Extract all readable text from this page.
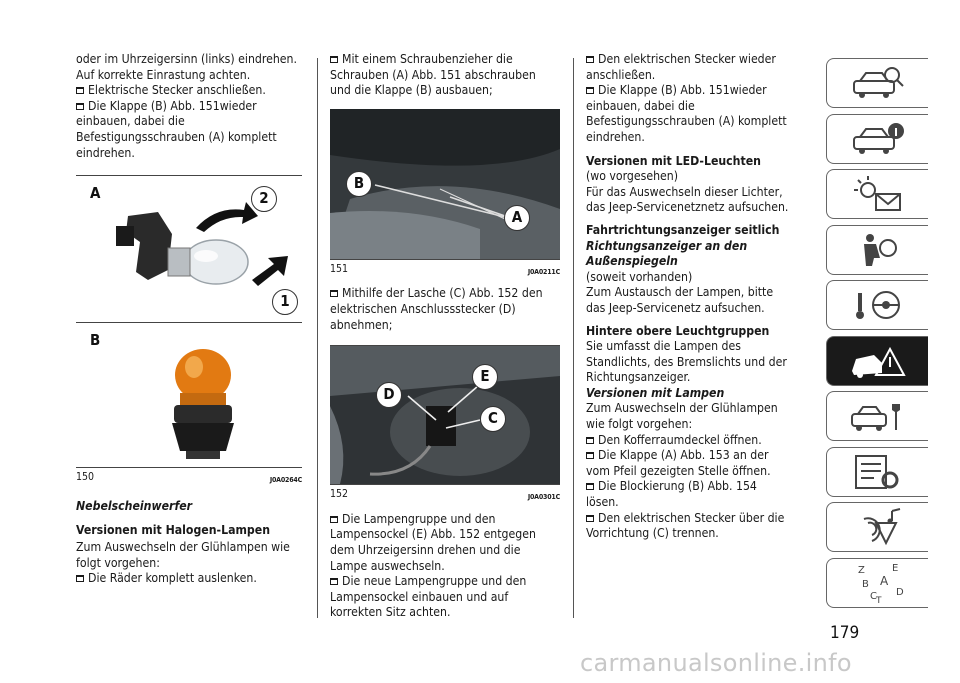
oder im Uhrzeigersinn (links) eindrehen. Auf korrekte Einrastung achten.

Elektrische Stecker anschließen.

Die Klappe (B) Abb. 151wieder einbauen, dabei die Befestigungsschrauben (A) komplett eindrehen.

A	2
1
B
150	J0A0264C

Nebelscheinwerfer

Versionen mit Halogen-Lampen

Zum Auswechseln der Glühlampen wie folgt vorgehen:

Die Räder komplett auslenken.

Mit einem Schraubenzieher die Schrauben (A) Abb. 151 abschrauben und die Klappe (B) ausbauen;

B
A
151	J0A0211C

Mithilfe der Lasche (C) Abb. 152 den elektrischen Anschlussstecker (D) abnehmen;

D
E
C
152	J0A0301C

Die Lampengruppe und den Lampensockel (E) Abb. 152 entgegen dem Uhrzeigersinn drehen und die Lampe auswechseln.

Die neue Lampengruppe und den Lampensockel einbauen und auf korrekten Sitz achten.

Den elektrischen Stecker wieder anschließen.

Die Klappe (B) Abb. 151wieder einbauen, dabei die Befestigungsschrauben (A) komplett eindrehen.

Versionen mit LED-Leuchten

(wo vorgesehen)

Für das Auswechseln dieser Lichter, das Jeep-Servicenetznetz aufsuchen.

Fahrtrichtungsanzeiger seitlich

Richtungsanzeiger an den Außenspiegeln

(soweit vorhanden)

Zum Austausch der Lampen, bitte das Jeep-Servicenetz aufsuchen.

Hintere obere Leuchtgruppen

Sie umfasst die Lampen des Standlichts, des Bremslichts und der Richtungsanzeiger.

Versionen mit Lampen

Zum Auswechseln der Glühlampen wie folgt vorgehen:

Den Kofferraumdeckel öffnen.

Die Klappe (A) Abb. 153 an der vom Pfeil gezeigten Stelle öffnen.

Die Blockierung (B) Abb. 154 lösen.

Den elektrischen Stecker über die Vorrichtung (C) trennen.

Z	E
B A
C T
D
179
carmanualsonline.info
